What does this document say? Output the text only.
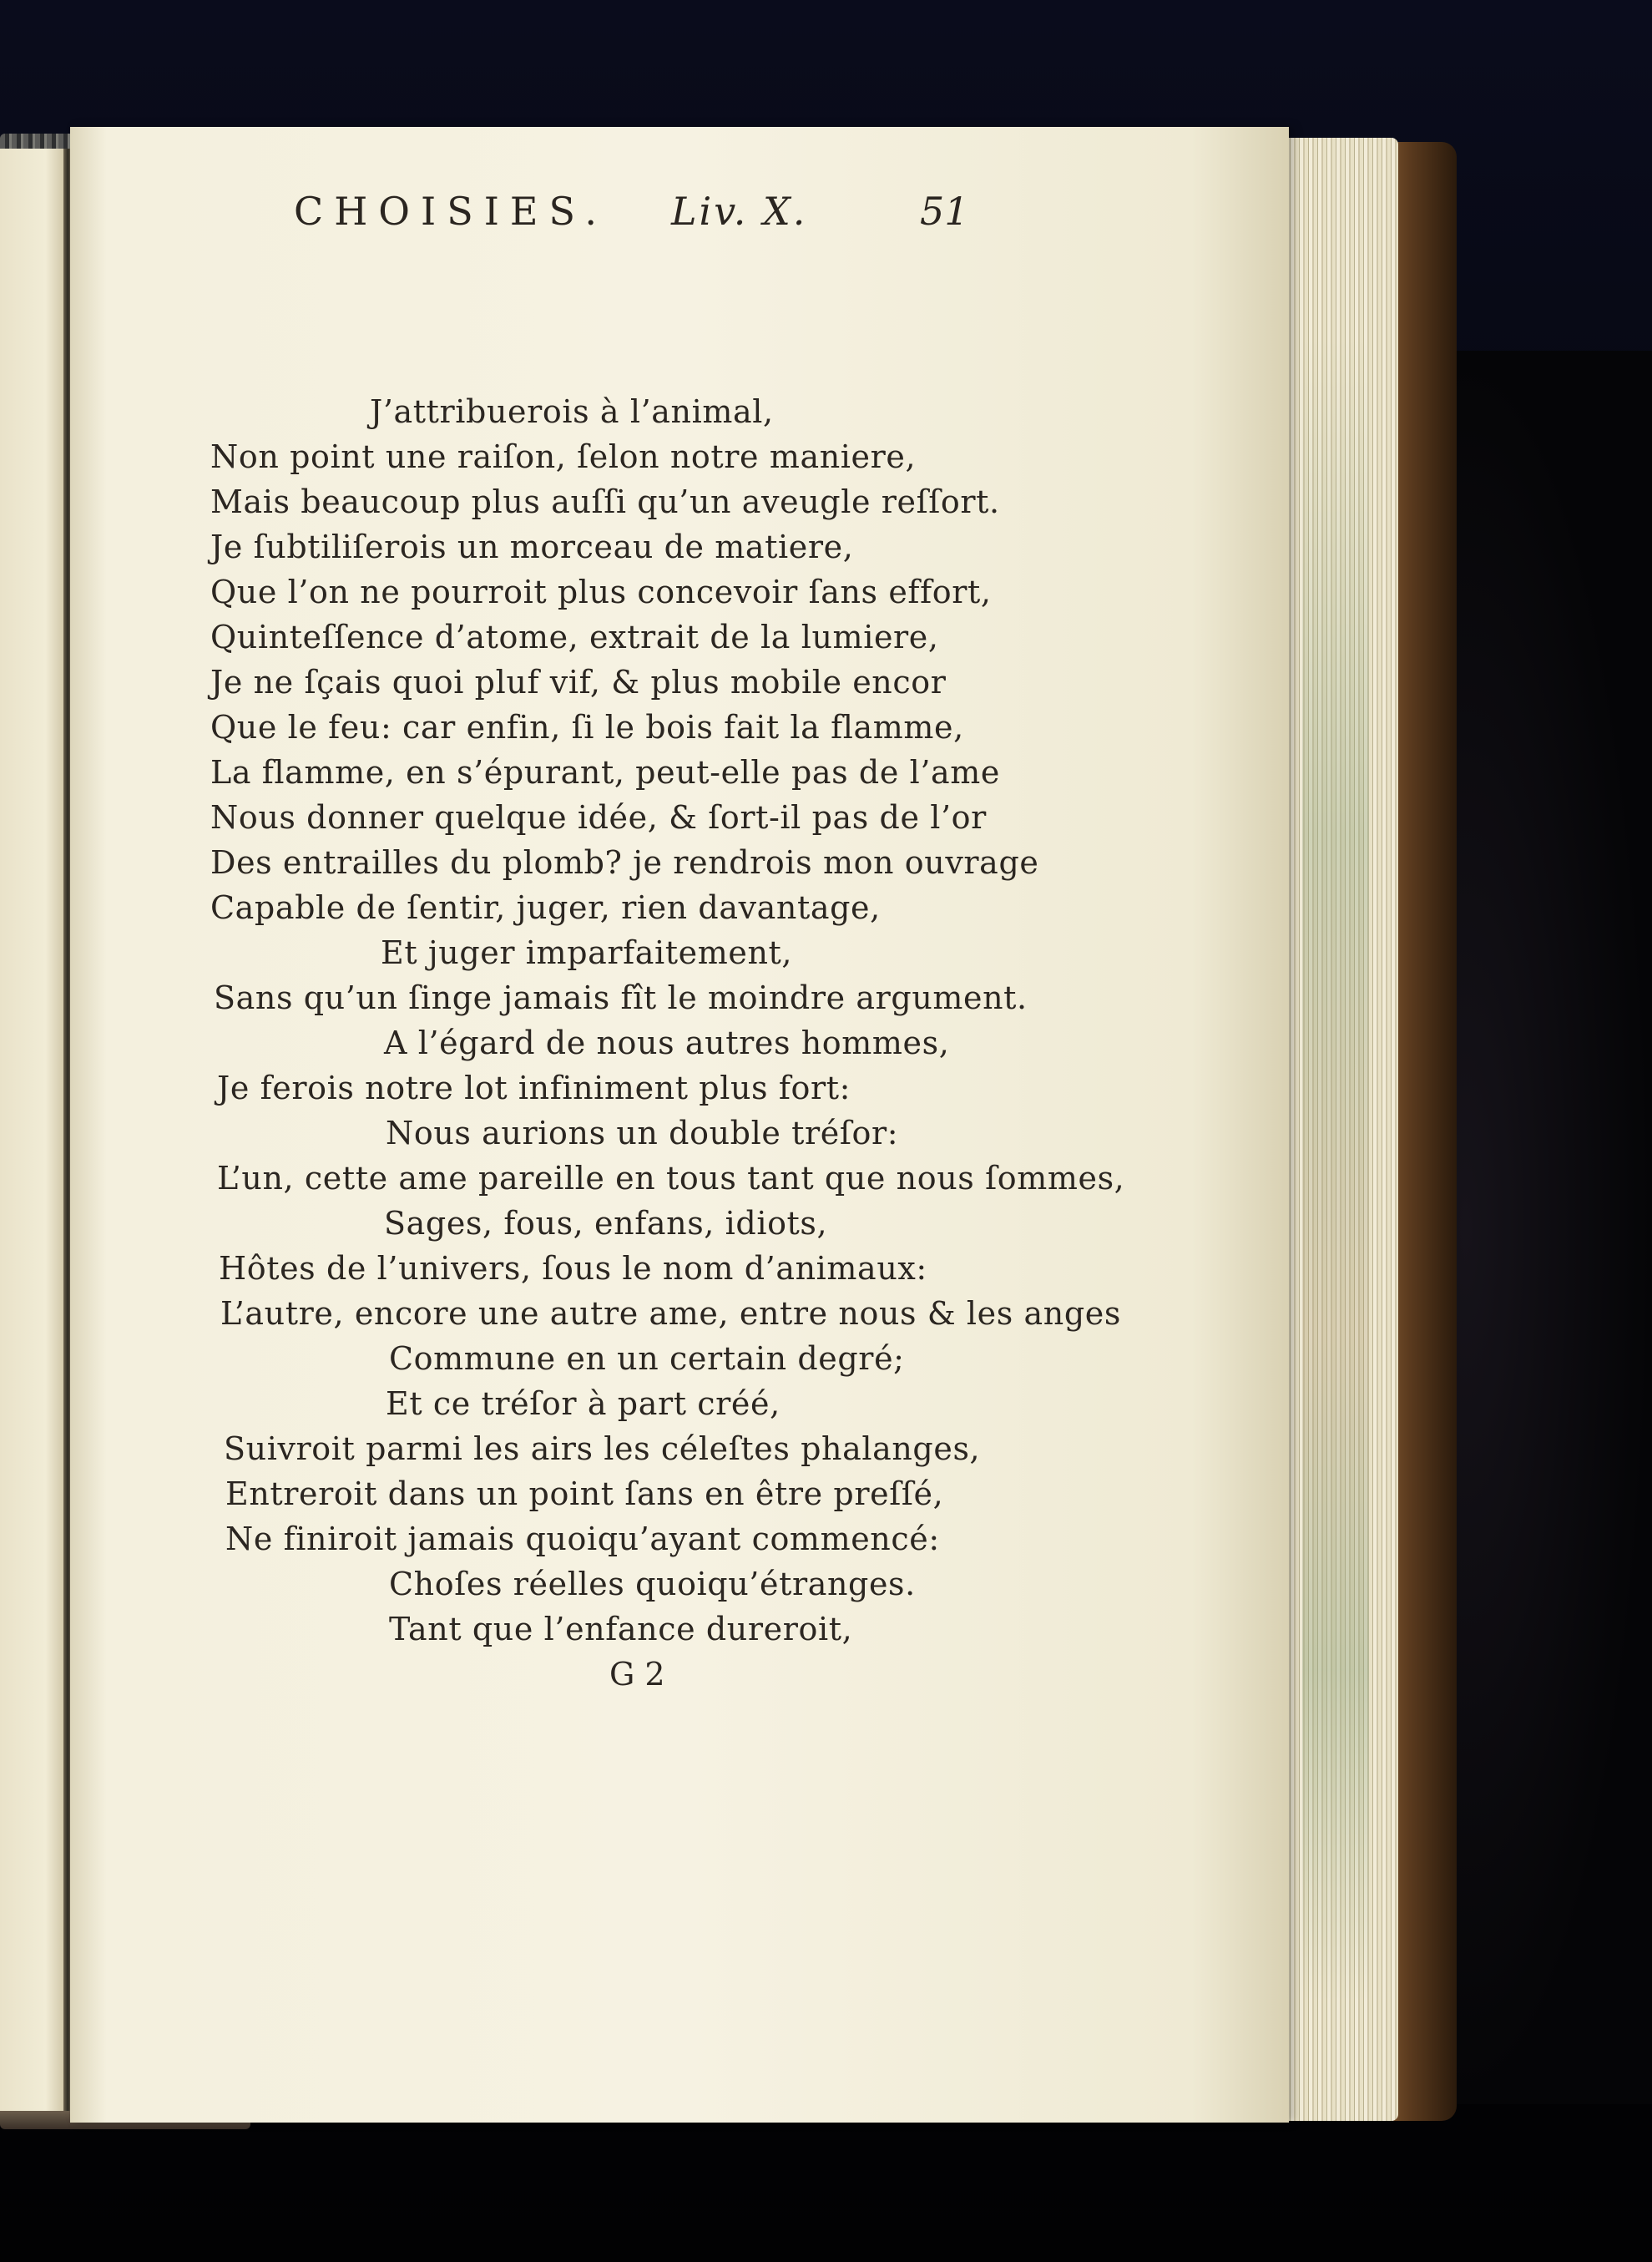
CHOISIES. Liv. X.	51
J’attribuerois à l’animal,
Non point une raiſon, ſelon notre maniere,
Mais beaucoup plus auſſi qu’un aveugle reſſort.
Je ſubtiliſerois un morceau de matiere,
Que l’on ne pourroit plus concevoir ſans effort,
Quinteſſence d’atome, extrait de la lumiere,
Je ne ſçais quoi pluf vif, & plus mobile encor
Que le feu: car enfin, ſi le bois fait la flamme,
La flamme, en s’épurant, peut-elle pas de l’ame
Nous donner quelque idée, & ſort-il pas de l’or
Des entrailles du plomb? je rendrois mon ouvrage
Capable de ſentir, juger, rien davantage,
Et juger imparfaitement,
Sans qu’un ſinge jamais fît le moindre argument.
A l’égard de nous autres hommes,
Je ferois notre lot infiniment plus fort:
Nous aurions un double tréſor:
L’un, cette ame pareille en tous tant que nous ſommes,
Sages, fous, enfans, idiots,
Hôtes de l’univers, ſous le nom d’animaux:
L’autre, encore une autre ame, entre nous & les anges
Commune en un certain degré;
Et ce tréſor à part créé,
Suivroit parmi les airs les céleſtes phalanges,
Entreroit dans un point ſans en être preſſé,
Ne finiroit jamais quoiqu’ayant commencé:
Choſes réelles quoiqu’étranges.
Tant que l’enfance dureroit,
G 2
